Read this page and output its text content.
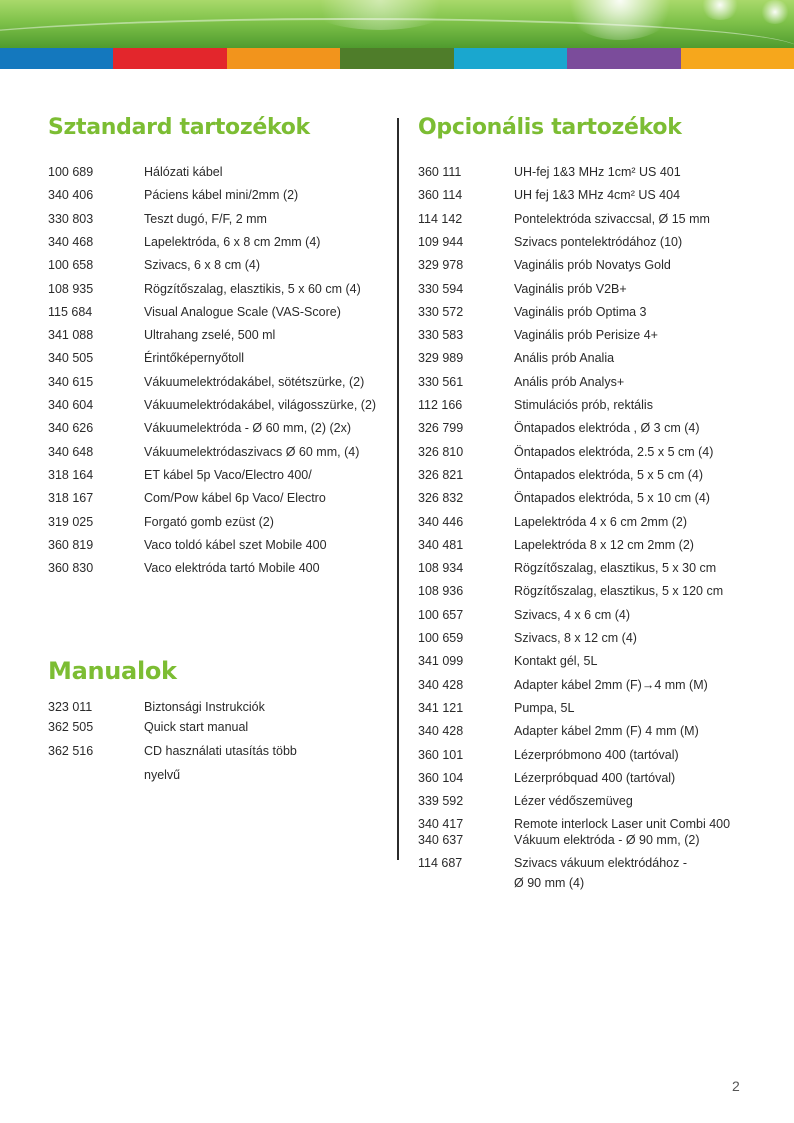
Sztandard tartozékok	Opcionális tartozékok
Manualok
100 689	Hálózati kábel
340 406	Páciens kábel mini/2mm (2)
330 803	Teszt dugó, F/F, 2 mm
340 468	Lapelektróda, 6 x 8 cm 2mm (4)
100 658	Szivacs, 6 x 8 cm (4)
108 935	Rögzítőszalag, elasztikis, 5 x 60 cm (4)
115 684	Visual Analogue Scale (VAS-Score)
341 088	Ultrahang zselé, 500 ml
340 505	Érintőképernyőtoll
340 615	Vákuumelektródakábel, sötétszürke, (2)
340 604	Vákuumelektródakábel, világosszürke, (2)
340 626	Vákuumelektróda - Ø 60 mm, (2) (2x)
340 648	Vákuumelektródaszivacs Ø 60 mm, (4)
318 164	ET kábel 5p Vaco/Electro 400/
318 167	Com/Pow kábel 6p Vaco/ Electro
319 025	Forgató gomb ezüst (2)
360 819	Vaco toldó kábel szet Mobile 400
360 830	Vaco elektróda tartó Mobile 400
323 011	Biztonsági Instrukciók
362 505	Quick start manual
362 516	CD használati utasítás több
nyelvű
360 111	UH-fej 1&3 MHz 1cm² US 401
360 114	UH fej 1&3 MHz 4cm² US 404
114 142	Pontelektróda szivaccsal, Ø 15 mm
109 944	Szivacs pontelektródához (10)
329 978	Vaginális prób Novatys Gold
330 594	Vaginális prób V2B+
330 572	Vaginális prób Optima 3
330 583	Vaginális prób Perisize 4+
329 989	Anális prób Analia
330 561	Anális prób Analys+
112 166	Stimulációs prób, rektális
326 799	Öntapados elektróda , Ø 3 cm (4)
326 810	Öntapados elektróda, 2.5 x 5 cm (4)
326 821	Öntapados elektróda, 5 x 5 cm (4)
326 832	Öntapados elektróda, 5 x 10 cm (4)
340 446	Lapelektróda 4 x 6 cm 2mm (2)
340 481	Lapelektróda 8 x 12 cm 2mm (2)
108 934	Rögzítőszalag, elasztikus, 5 x 30 cm
108 936	Rögzítőszalag, elasztikus, 5 x 120 cm
100 657	Szivacs, 4 x 6 cm (4)
100 659	Szivacs, 8 x 12 cm (4)
341 099	Kontakt gél, 5L
340 428	Adapter kábel 2mm (F)→4 mm (M)
341 121	Pumpa, 5L
340 428	Adapter kábel 2mm (F) 4 mm (M)
360 101	Lézerpróbmono 400 (tartóval)
360 104	Lézerpróbquad 400 (tartóval)
339 592	Lézer védőszemüveg
340 417	Remote interlock Laser unit Combi 400
340 637	Vákuum elektróda - Ø 90 mm, (2)
114 687	Szivacs vákuum elektródához -
Ø 90 mm (4)
2
